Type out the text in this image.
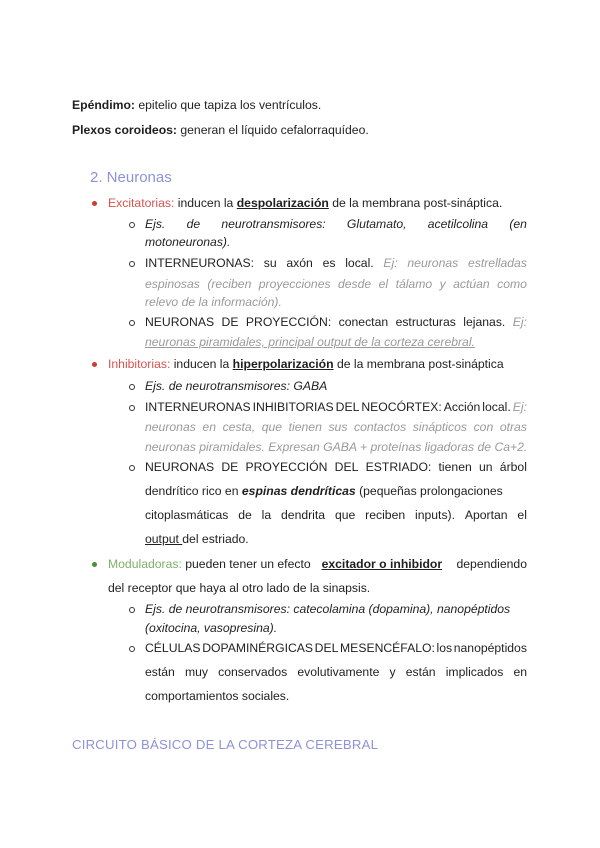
Epéndimo: epitelio que tapiza los ventrículos.
Plexos coroideos: generan el líquido cefalorraquídeo.
2. Neuronas
Excitatorias: inducen la despolarización de la membrana post-sináptica.
Ejs. de neurotransmisores: Glutamato, acetilcolina (en
motoneuronas).
INTERNEURONAS: su axón es local. Ej: neuronas estrelladas
espinosas (reciben proyecciones desde el tálamo y actúan como
relevo de la información).
NEURONAS DE PROYECCIÓN: conectan estructuras lejanas. Ej:
neuronas piramidales, principal output de la corteza cerebral.
Inhibitorias: inducen la hiperpolarización de la membrana post-sináptica
Ejs. de neurotransmisores: GABA
INTERNEURONAS INHIBITORIAS DEL NEOCÓRTEX: Acción local. Ej:
neuronas en cesta, que tienen sus contactos sinápticos con otras
neuronas piramidales. Expresan GABA + proteínas ligadoras de Ca+2.
NEURONAS DE PROYECCIÓN DEL ESTRIADO: tienen un árbol
dendrítico rico en espinas dendríticas (pequeñas prolongaciones
citoplasmáticas de la dendrita que reciben inputs). Aportan el
output del estriado.
Moduladoras: pueden tener un efecto excitador o inhibidor dependiendo
del receptor que haya al otro lado de la sinapsis.
Ejs. de neurotransmisores: catecolamina (dopamina), nanopéptidos
(oxitocina, vasopresina).
CÉLULAS DOPAMINÉRGICAS DEL MESENCÉFALO: los nanopéptidos
están muy conservados evolutivamente y están implicados en
comportamientos sociales.
CIRCUITO BÁSICO DE LA CORTEZA CEREBRAL
